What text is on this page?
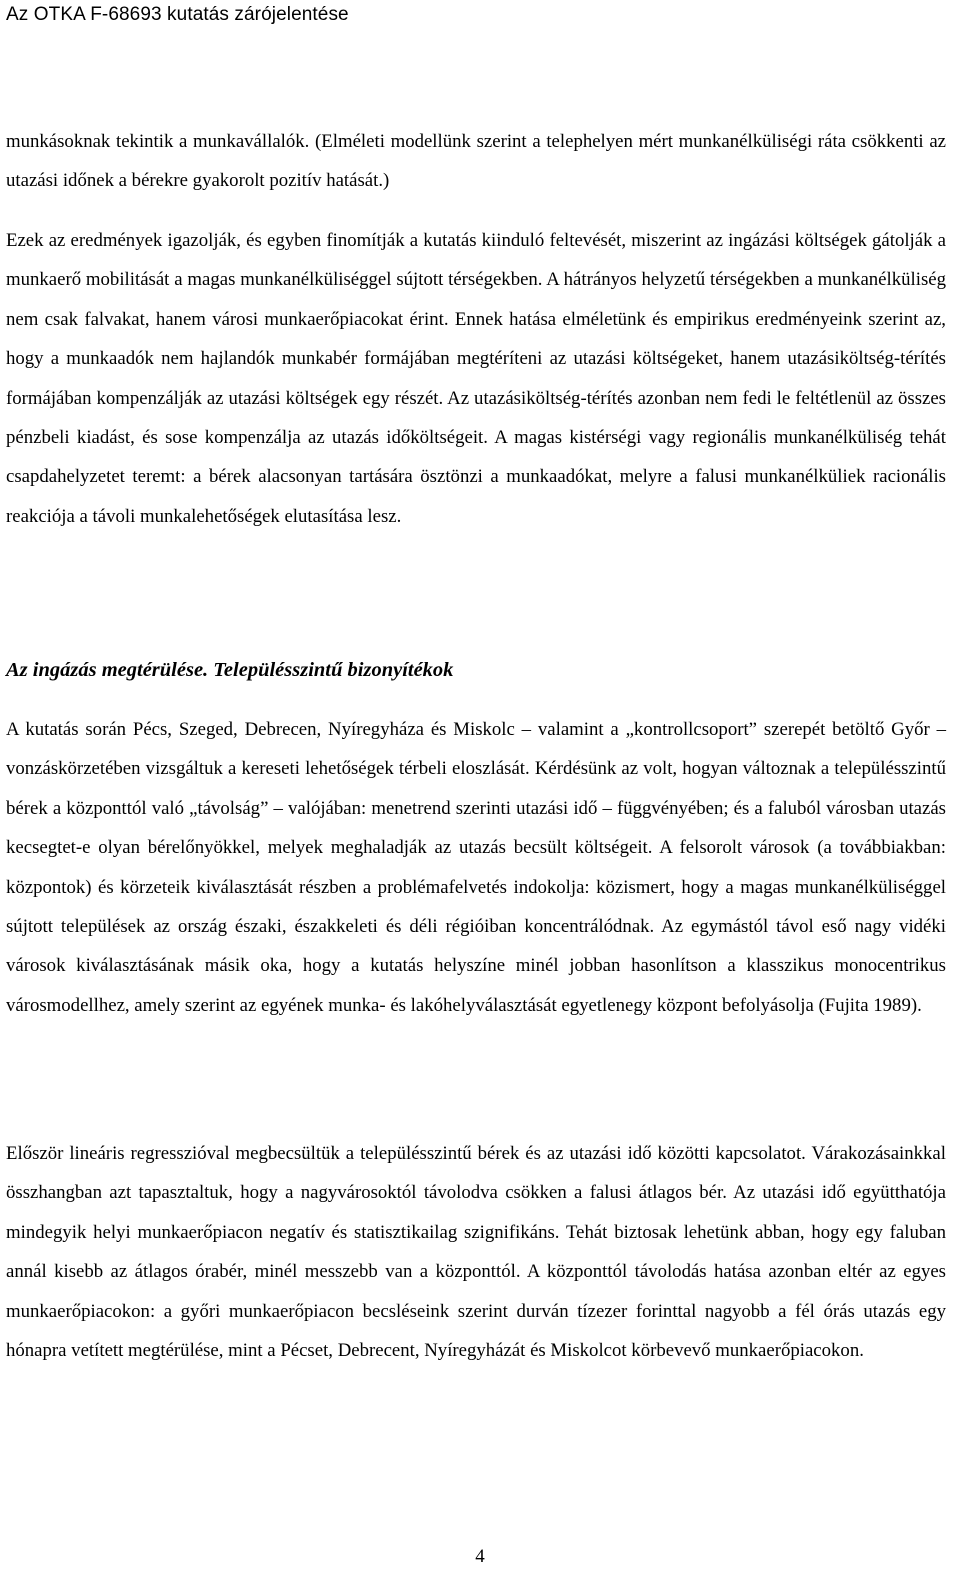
Az OTKA F-68693 kutatás zárójelentése

munkásoknak tekintik a munkavállalók. (Elméleti modellünk szerint a telephelyen mért munkanélküliségi ráta csökkenti az utazási időnek a bérekre gyakorolt pozitív hatását.)

Ezek az eredmények igazolják, és egyben finomítják a kutatás kiinduló feltevését, miszerint az ingázási költségek gátolják a munkaerő mobilitását a magas munkanélküliséggel sújtott térségekben. A hátrányos helyzetű térségekben a munkanélküliség nem csak falvakat, hanem városi munkaerőpiacokat érint. Ennek hatása elméletünk és empirikus eredményeink szerint az, hogy a munkaadók nem hajlandók munkabér formájában megtéríteni az utazási költségeket, hanem utazásiköltség-térítés formájában kompenzálják az utazási költségek egy részét. Az utazásiköltség-térítés azonban nem fedi le feltétlenül az összes pénzbeli kiadást, és sose kompenzálja az utazás időköltségeit. A magas kistérségi vagy regionális munkanélküliség tehát csapdahelyzetet teremt: a bérek alacsonyan tartására ösztönzi a munkaadókat, melyre a falusi munkanélküliek racionális reakciója a távoli munkalehetőségek elutasítása lesz.

Az ingázás megtérülése. Településszintű bizonyítékok

A kutatás során Pécs, Szeged, Debrecen, Nyíregyháza és Miskolc – valamint a „kontrollcsoport” szerepét betöltő Győr – vonzáskörzetében vizsgáltuk a kereseti lehetőségek térbeli eloszlását. Kérdésünk az volt, hogyan változnak a településszintű bérek a központtól való „távolság” – valójában: menetrend szerinti utazási idő – függvényében; és a faluból városban utazás kecsegtet-e olyan bérelőnyökkel, melyek meghaladják az utazás becsült költségeit. A felsorolt városok (a továbbiakban: központok) és körzeteik kiválasztását részben a problémafelvetés indokolja: közismert, hogy a magas munkanélküliséggel sújtott települések az ország északi, északkeleti és déli régióiban koncentrálódnak. Az egymástól távol eső nagy vidéki városok kiválasztásának másik oka, hogy a kutatás helyszíne minél jobban hasonlítson a klasszikus monocentrikus városmodellhez, amely szerint az egyének munka- és lakóhelyválasztását egyetlenegy központ befolyásolja (Fujita 1989).

Először lineáris regresszióval megbecsültük a településszintű bérek és az utazási idő közötti kapcsolatot. Várakozásainkkal összhangban azt tapasztaltuk, hogy a nagyvárosoktól távolodva csökken a falusi átlagos bér. Az utazási idő együtthatója mindegyik helyi munkaerőpiacon negatív és statisztikailag szignifikáns. Tehát biztosak lehetünk abban, hogy egy faluban annál kisebb az átlagos órabér, minél messzebb van a központtól. A központtól távolodás hatása azonban eltér az egyes munkaerőpiacokon: a győri munkaerőpiacon becsléseink szerint durván tízezer forinttal nagyobb a fél órás utazás egy hónapra vetített megtérülése, mint a Pécset, Debrecent, Nyíregyházát és Miskolcot körbevevő munkaerőpiacokon.

4
